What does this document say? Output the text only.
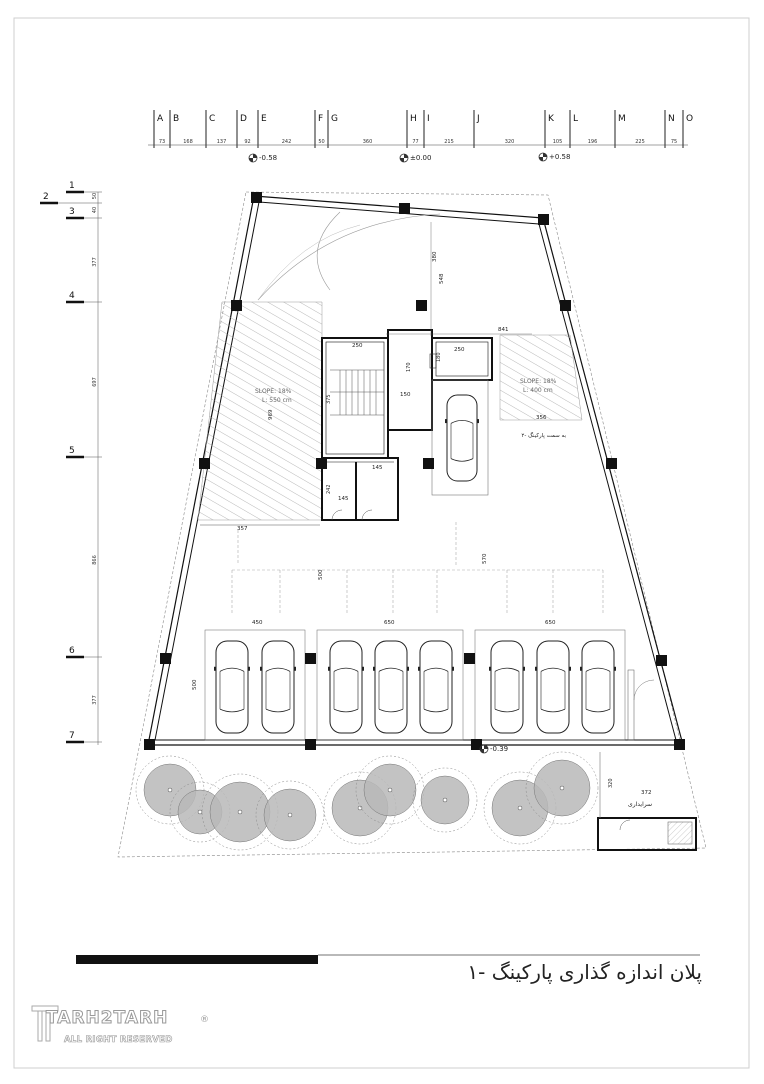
A B	C	D E	F G	H I	J	K L	M	N O
73	168	137	92	242	50	360	77	215	320	105	196	225	75
1
2
3
4
5
6
7
50
40
377
697
866
377
-0.58	±0.00	+0.58
SLOPE: 18%
L: 550 cm
357
969
SLOPE: 18%
L: 400 cm
356
به سمت پارکینگ -۲
250
250
180
841
380
548
170
150
375
145
145
242
500
570
450	650	650
500
-0.39
سرایداری
372
320
پلان اندازه گذاری پارکینگ -۱
TARH2TARH
ALL RIGHT RESERVED
®
